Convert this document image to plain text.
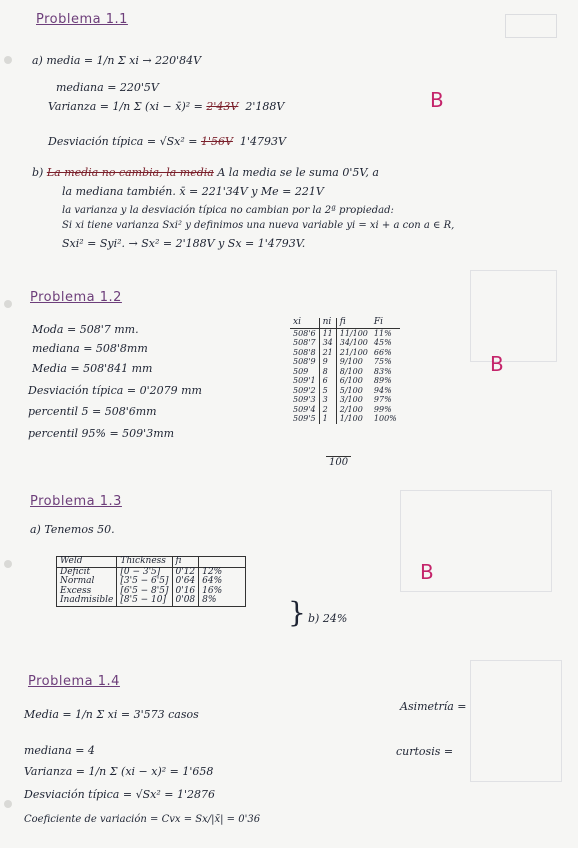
Problema 1.1
a) media = 1/n Σ xi → 220'84V
mediana = 220'5V
Varianza = 1/n Σ (xi − x̄)² = 2'43V 2'188V
Desviación típica = √Sx² = 1'56V 1'4793V
B
b) La media no cambia, la media A la media se le suma 0'5V, a
la mediana también. x̄ = 221'34V y Me = 221V
la varianza y la desviación típica no cambian por la 2ª propiedad:
Si xi tiene varianza Sxi² y definimos una nueva variable yi = xi + a con a ∈ R,
Sxi² = Syi². → Sx² = 2'188V y Sx = 1'4793V.
Problema 1.2
Moda = 508'7 mm.
mediana = 508'8mm
Media = 508'841 mm
Desviación típica = 0'2079 mm
percentil 5 = 508'6mm
percentil 95% = 509'3mm
xi	ni	fi	Fi
508'6	11	11/100	11%
508'7	34	34/100	45%
508'8	21	21/100	66%
508'9	9	9/100	75%
509	8	8/100	83%
509'1	6	6/100	89%
509'2	5	5/100	94%
509'3	3	3/100	97%
509'4	2	2/100	99%
509'5	1	1/100	100%
100
B
Problema 1.3
a) Tenemos 50.
Weld	Thickness	fi	
Deficit	[0 − 3'5]	0'12	12%
Normal	[3'5 − 6'5]	0'64	64%
Excess	[6'5 − 8'5]	0'16	16%
Inadmisible	[8'5 − 10]	0'08	8%	} b) 24%
B
Problema 1.4
Media = 1/n Σ xi = 3'573 casos
mediana = 4
Varianza = 1/n Σ (xi − x)² = 1'658
Desviación típica = √Sx² = 1'2876
Coeficiente de variación = Cvx = Sx/|x̄| = 0'36
Asimetría =
curtosis =
